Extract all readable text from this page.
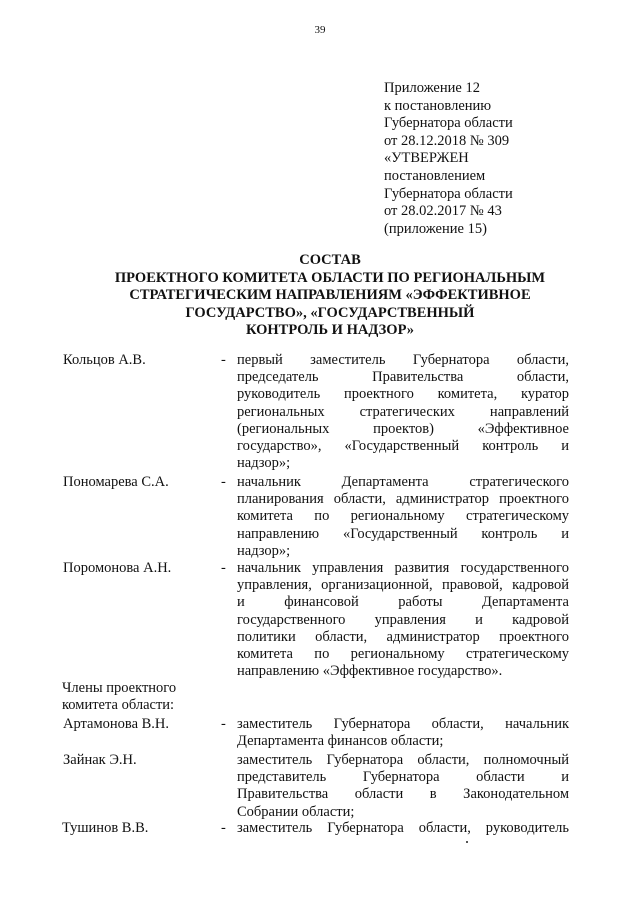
39
Приложение 12
к постановлению
Губернатора области
от 28.12.2018 № 309
«УТВЕРЖЕН
постановлением
Губернатора области
от 28.02.2017 № 43
(приложение 15)
СОСТАВ
ПРОЕКТНОГО КОМИТЕТА ОБЛАСТИ ПО РЕГИОНАЛЬНЫМ
СТРАТЕГИЧЕСКИМ НАПРАВЛЕНИЯМ «ЭФФЕКТИВНОЕ
ГОСУДАРСТВО», «ГОСУДАРСТВЕННЫЙ
КОНТРОЛЬ И НАДЗОР»
Кольцов А.В.	- первый заместитель Губернатора области,
председатель Правительства области,
руководитель проектного комитета, куратор
региональных стратегических направлений
(региональных проектов) «Эффективное
государство», «Государственный контроль и
надзор»;
Пономарева С.А.	- начальник Департамента стратегического
планирования области, администратор проектного
комитета по региональному стратегическому
направлению «Государственный контроль и
надзор»;
Поромонова А.Н.	- начальник управления развития государственного
управления, организационной, правовой, кадровой
и финансовой работы Департамента
государственного управления и кадровой
политики области, администратор проектного
комитета по региональному стратегическому
направлению «Эффективное государство».
Члены проектного
комитета области:
Артамонова В.Н.	- заместитель Губернатора области, начальник
Департамента финансов области;
Зайнак Э.Н.	заместитель Губернатора области, полномочный
представитель Губернатора области и
Правительства области в Законодательном
Собрании области;
Тушинов В.В.	- заместитель Губернатора области, руководитель
